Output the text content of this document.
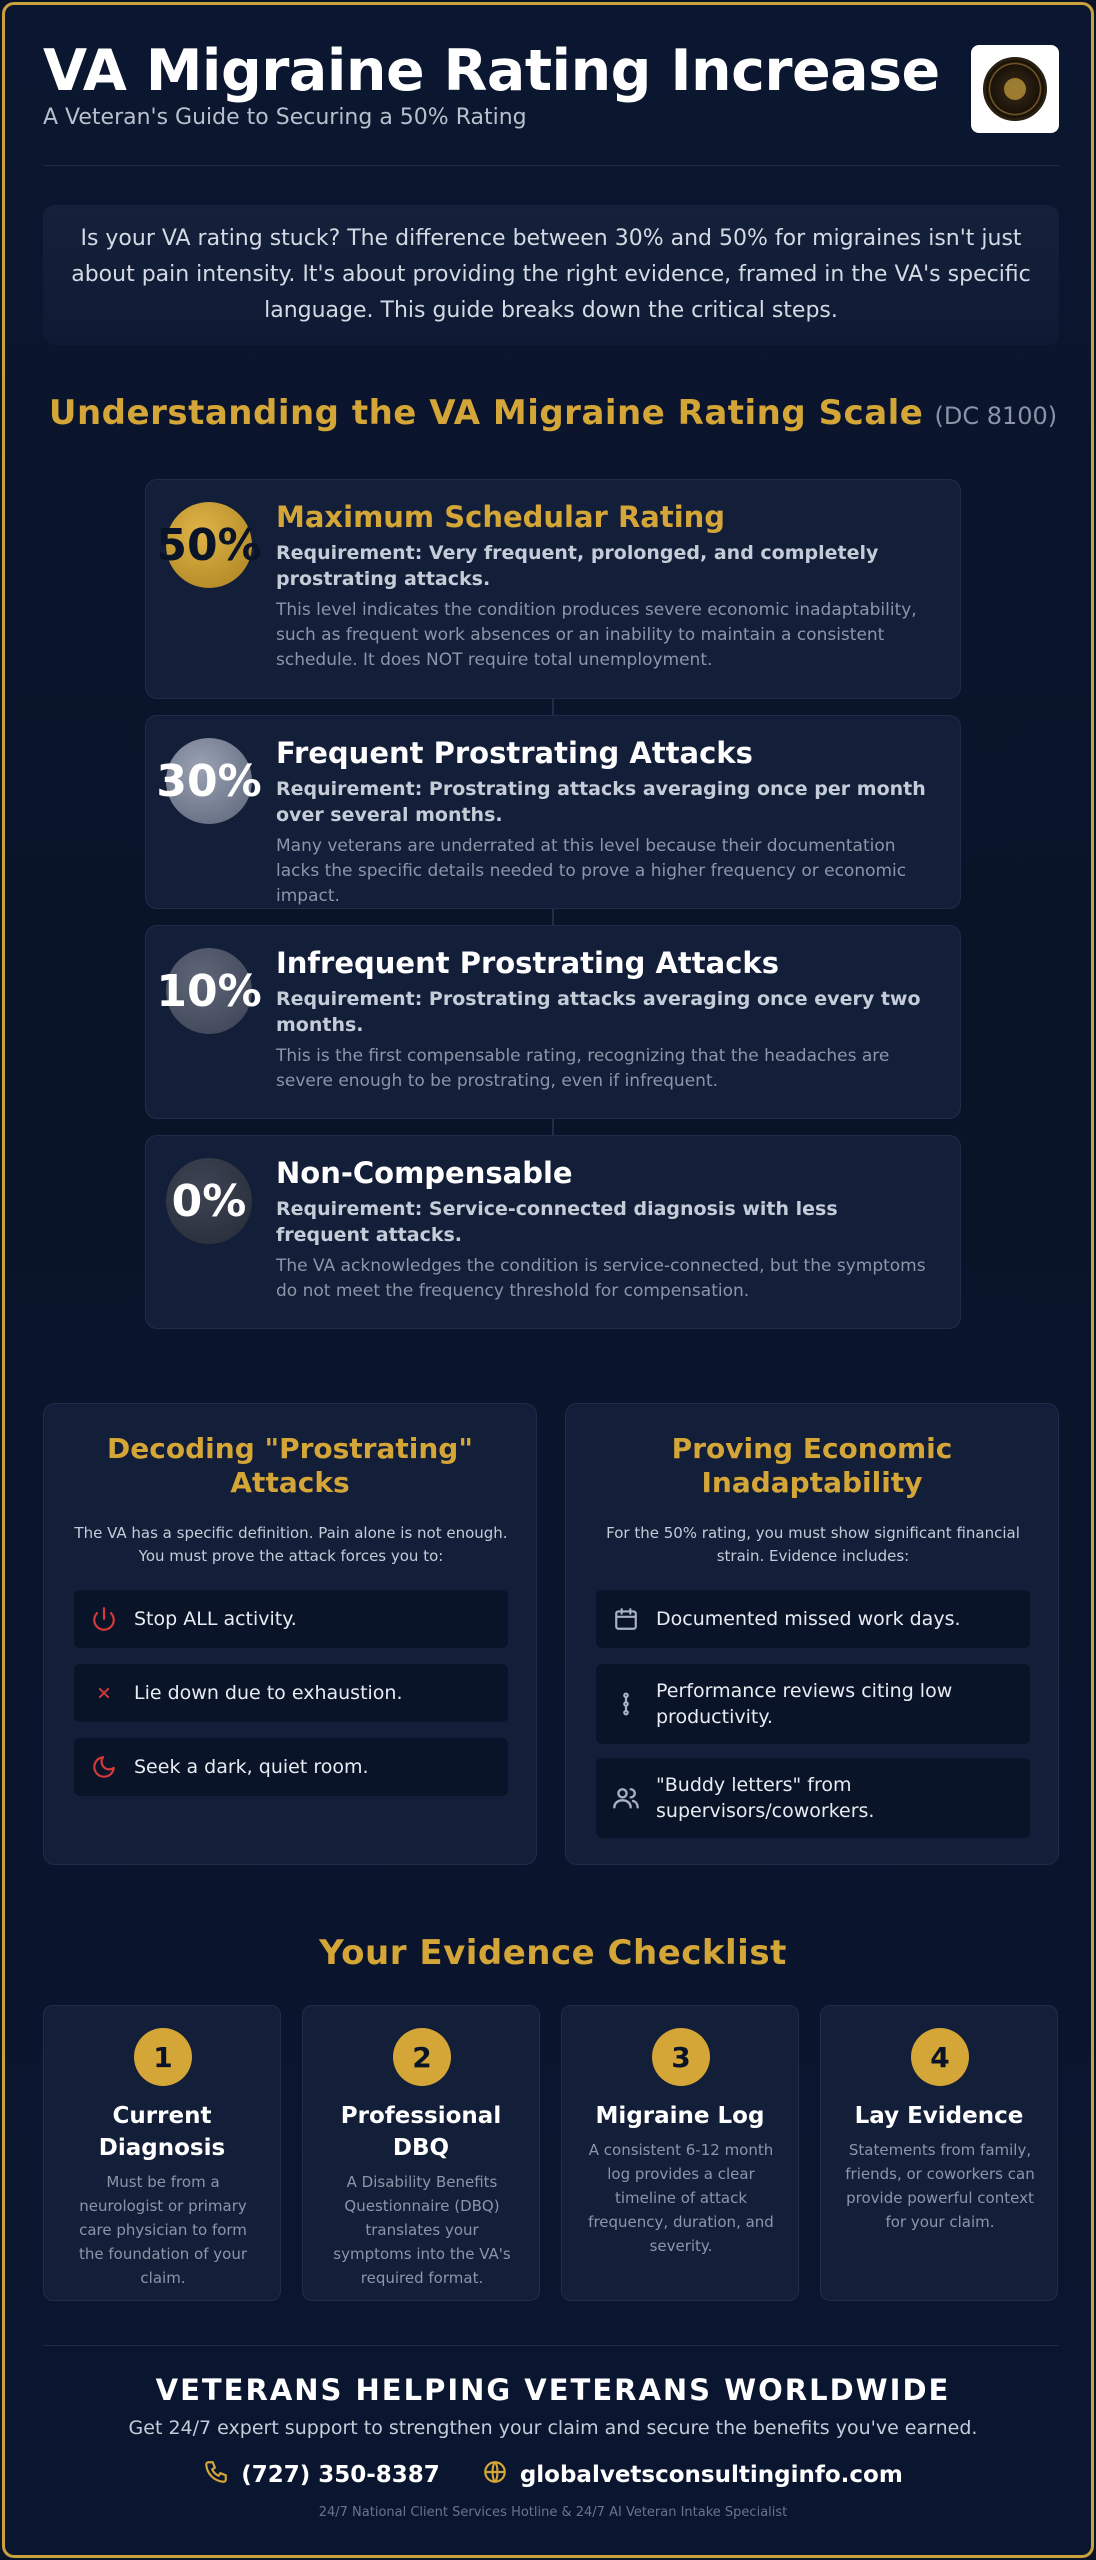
VA Migraine Rating Increase
A Veteran's Guide to Securing a 50% Rating
Is your VA rating stuck? The difference between 30% and 50% for migraines isn't just about pain intensity. It's about providing the right evidence, framed in the VA's specific language. This guide breaks down the critical steps.
Understanding the VA Migraine Rating Scale (DC 8100)
50%
Maximum Schedular Rating
Requirement: Very frequent, prolonged, and completely prostrating attacks.
This level indicates the condition produces severe economic inadaptability, such as frequent work absences or an inability to maintain a consistent schedule. It does NOT require total unemployment.
30%
Frequent Prostrating Attacks
Requirement: Prostrating attacks averaging once per month over several months.
Many veterans are underrated at this level because their documentation lacks the specific details needed to prove a higher frequency or economic impact.
10%
Infrequent Prostrating Attacks
Requirement: Prostrating attacks averaging once every two months.
This is the first compensable rating, recognizing that the headaches are severe enough to be prostrating, even if infrequent.
0%
Non-Compensable
Requirement: Service-connected diagnosis with less frequent attacks.
The VA acknowledges the condition is service-connected, but the symptoms do not meet the frequency threshold for compensation.
Decoding "Prostrating" Attacks
The VA has a specific definition. Pain alone is not enough. You must prove the attack forces you to:
Stop ALL activity.
Lie down due to exhaustion.
Seek a dark, quiet room.
Proving Economic Inadaptability
For the 50% rating, you must show significant financial strain. Evidence includes:
Documented missed work days.
Performance reviews citing low productivity.
"Buddy letters" from supervisors/coworkers.
Your Evidence Checklist
1
Current Diagnosis
Must be from a neurologist or primary care physician to form the foundation of your claim.
2
Professional DBQ
A Disability Benefits Questionnaire (DBQ) translates your symptoms into the VA's required format.
3
Migraine Log
A consistent 6-12 month log provides a clear timeline of attack frequency, duration, and severity.
4
Lay Evidence
Statements from family, friends, or coworkers can provide powerful context for your claim.
VETERANS HELPING VETERANS WORLDWIDE
Get 24/7 expert support to strengthen your claim and secure the benefits you've earned.
(727) 350-8387	globalvetsconsultinginfo.com
24/7 National Client Services Hotline & 24/7 AI Veteran Intake Specialist
